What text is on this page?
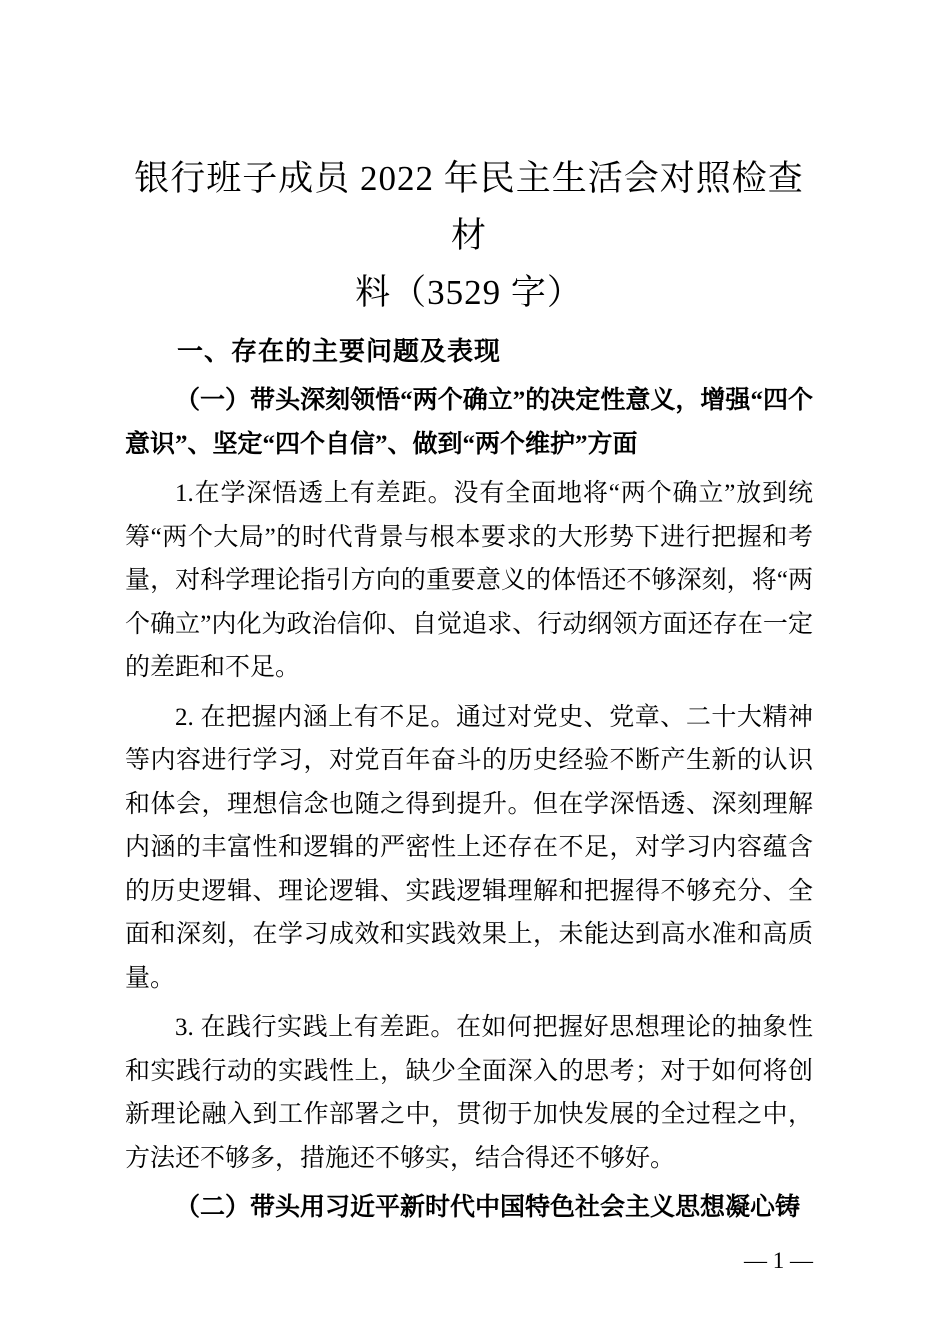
银行班子成员 2022 年民主生活会对照检查材
料（3529 字）
一、存在的主要问题及表现

（一）带头深刻领悟“两个确立”的决定性意义，增强“四个意识”、坚定“四个自信”、做到“两个维护”方面

1.在学深悟透上有差距。没有全面地将“两个确立”放到统筹“两个大局”的时代背景与根本要求的大形势下进行把握和考量，对科学理论指引方向的重要意义的体悟还不够深刻，将“两个确立”内化为政治信仰、自觉追求、行动纲领方面还存在一定的差距和不足。

2. 在把握内涵上有不足。通过对党史、党章、二十大精神等内容进行学习，对党百年奋斗的历史经验不断产生新的认识和体会，理想信念也随之得到提升。但在学深悟透、深刻理解内涵的丰富性和逻辑的严密性上还存在不足，对学习内容蕴含的历史逻辑、理论逻辑、实践逻辑理解和把握得不够充分、全面和深刻，在学习成效和实践效果上，未能达到高水准和高质量。

3. 在践行实践上有差距。在如何把握好思想理论的抽象性和实践行动的实践性上，缺少全面深入的思考；对于如何将创新理论融入到工作部署之中，贯彻于加快发展的全过程之中，方法还不够多，措施还不够实，结合得还不够好。

（二）带头用习近平新时代中国特色社会主义思想凝心铸

— 1 —
